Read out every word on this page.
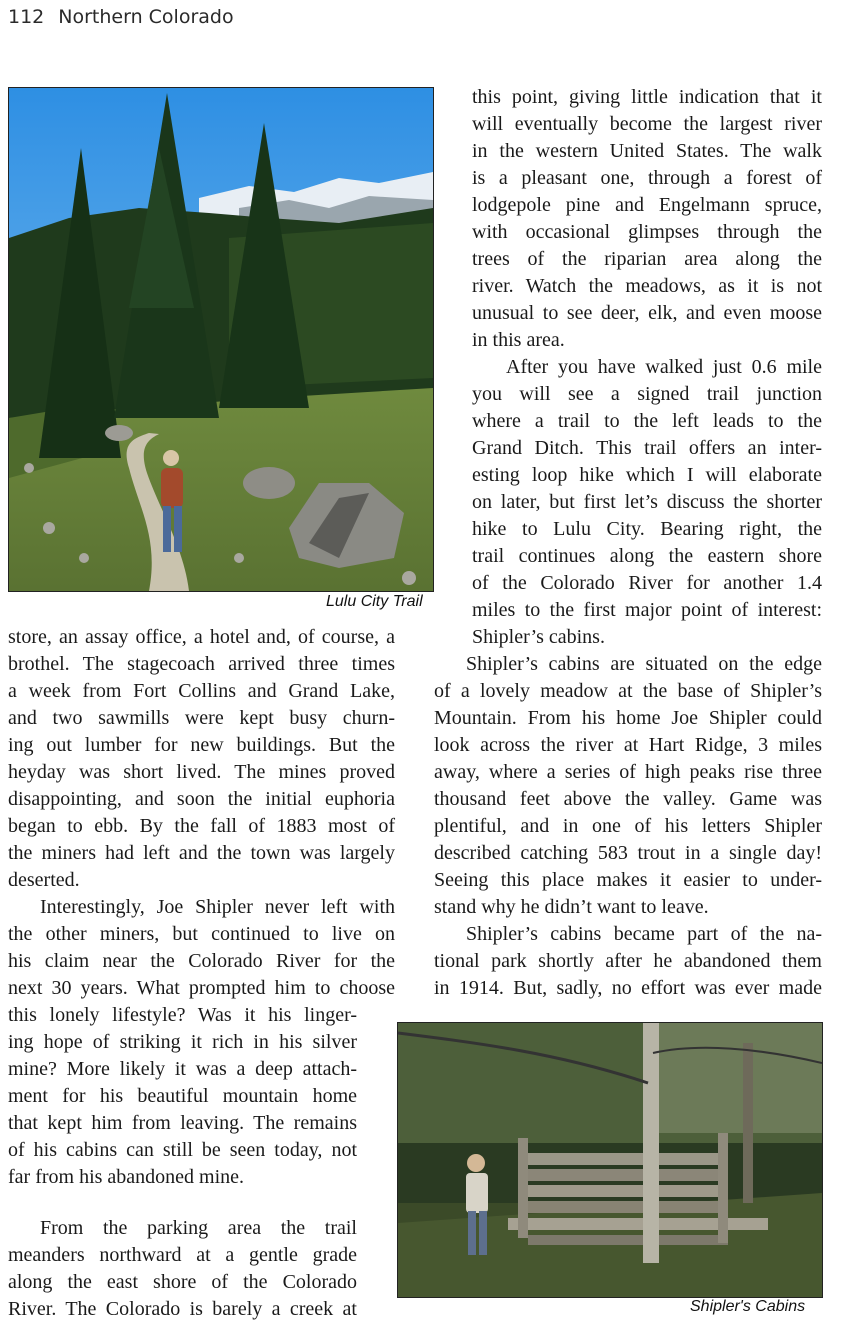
112 Northern Colorado
Lulu City Trail
Shipler's Cabins
this point, giving little indication that it
will eventually become the largest river
in the western United States. The walk
is a pleasant one, through a forest of
lodgepole pine and Engelmann spruce,
with occasional glimpses through the
trees of the riparian area along the
river. Watch the meadows, as it is not
unusual to see deer, elk, and even moose
in this area.
After you have walked just 0.6 mile
you will see a signed trail junction
where a trail to the left leads to the
Grand Ditch. This trail offers an inter-
esting loop hike which I will elaborate
on later, but first let’s discuss the shorter
hike to Lulu City. Bearing right, the
trail continues along the eastern shore
of the Colorado River for another 1.4
miles to the first major point of interest:
Shipler’s cabins.
Shipler’s cabins are situated on the edge
of a lovely meadow at the base of Shipler’s
Mountain. From his home Joe Shipler could
look across the river at Hart Ridge, 3 miles
away, where a series of high peaks rise three
thousand feet above the valley. Game was
plentiful, and in one of his letters Shipler
described catching 583 trout in a single day!
Seeing this place makes it easier to under-
stand why he didn’t want to leave.
Shipler’s cabins became part of the na-
tional park shortly after he abandoned them
in 1914. But, sadly, no effort was ever made
store, an assay office, a hotel and, of course, a
brothel. The stagecoach arrived three times
a week from Fort Collins and Grand Lake,
and two sawmills were kept busy churn-
ing out lumber for new buildings. But the
heyday was short lived. The mines proved
disappointing, and soon the initial euphoria
began to ebb. By the fall of 1883 most of
the miners had left and the town was largely
deserted.
Interestingly, Joe Shipler never left with
the other miners, but continued to live on
his claim near the Colorado River for the
next 30 years. What prompted him to choose
this lonely lifestyle? Was it his linger-
ing hope of striking it rich in his silver
mine? More likely it was a deep attach-
ment for his beautiful mountain home
that kept him from leaving. The remains
of his cabins can still be seen today, not
far from his abandoned mine.
From the parking area the trail
meanders northward at a gentle grade
along the east shore of the Colorado
River. The Colorado is barely a creek at
